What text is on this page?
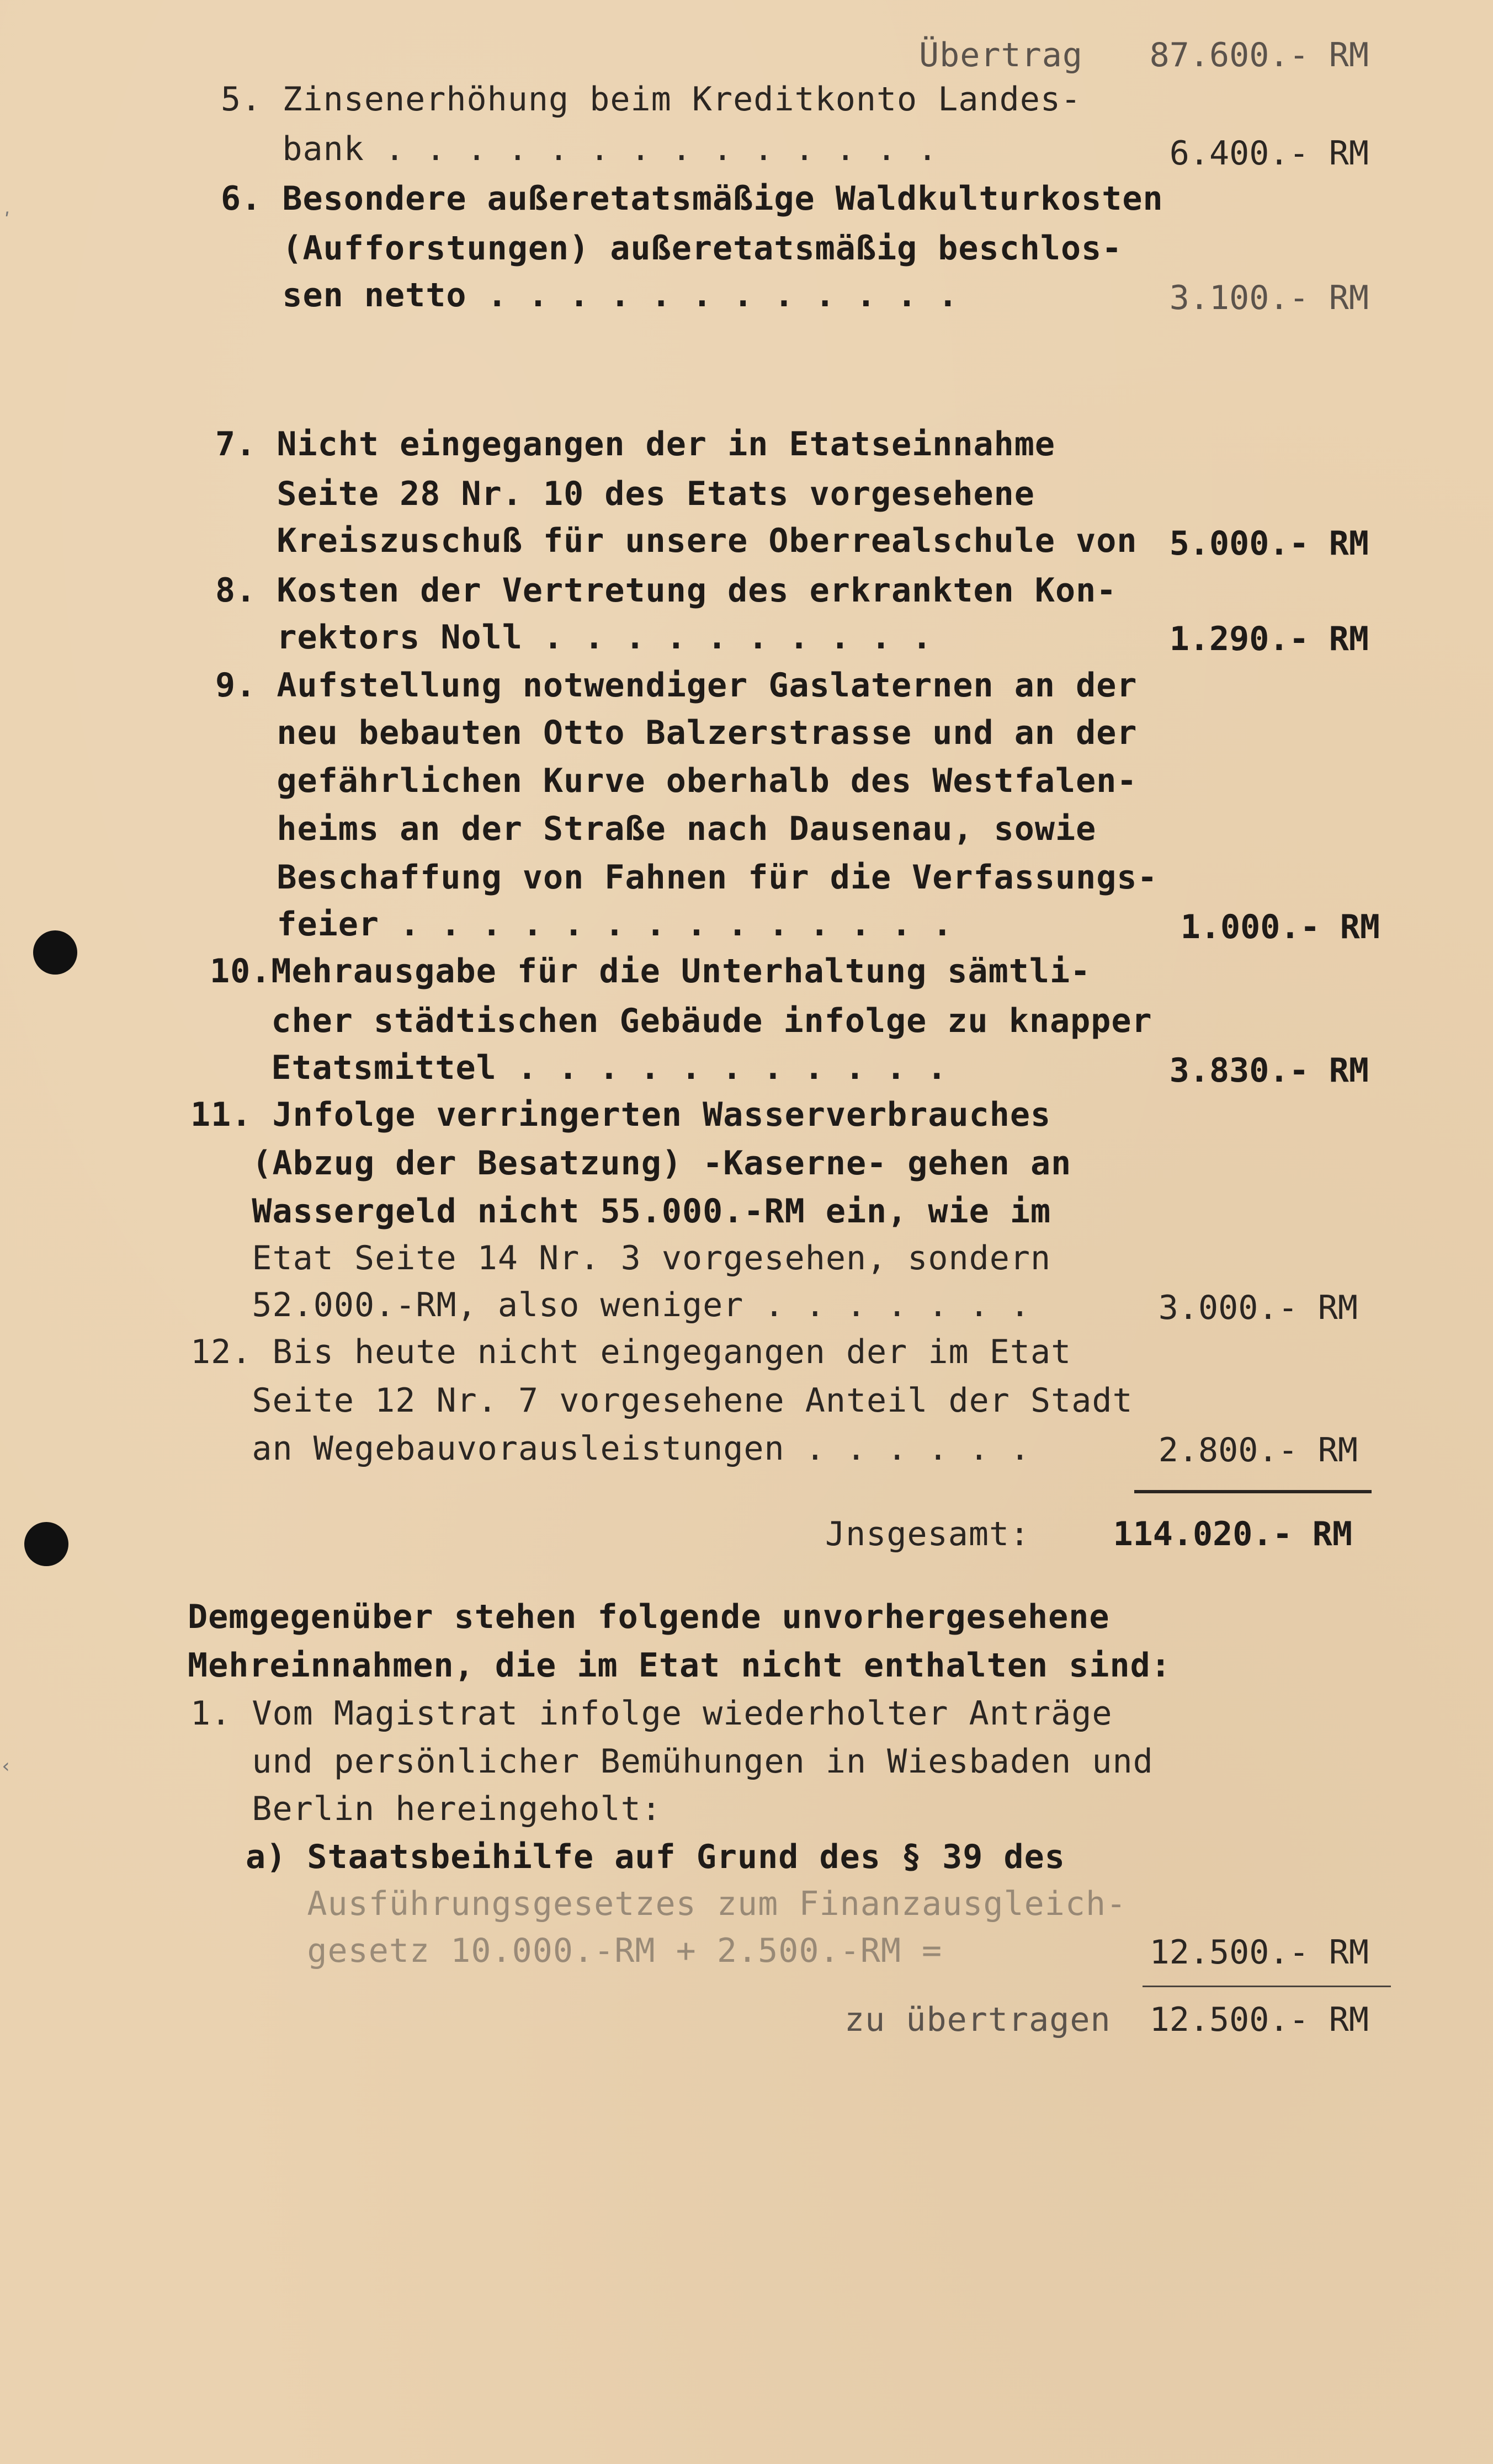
ʹ
‹
Übertrag	87.600.- RM
5. Zinsenerhöhung beim Kreditkonto Landes-
bank . . . . . . . . . . . . . .	6.400.- RM
6. Besondere außeretatsmäßige Waldkulturkosten
(Aufforstungen) außeretatsmäßig beschlos-
sen netto . . . . . . . . . . . .	3.100.- RM
7. Nicht eingegangen der in Etatseinnahme
Seite 28 Nr. 10 des Etats vorgesehene
Kreiszuschuß für unsere Oberrealschule von 5.000.- RM
8. Kosten der Vertretung des erkrankten Kon-
rektors Noll . . . . . . . . . .	1.290.- RM
9. Aufstellung notwendiger Gaslaternen an der
neu bebauten Otto Balzerstrasse und an der
gefährlichen Kurve oberhalb des Westfalen-
heims an der Straße nach Dausenau, sowie
Beschaffung von Fahnen für die Verfassungs-
feier . . . . . . . . . . . . . .	1.000.- RM
10.Mehrausgabe für die Unterhaltung sämtli-
cher städtischen Gebäude infolge zu knapper
Etatsmittel . . . . . . . . . . .	3.830.- RM
11. Jnfolge verringerten Wasserverbrauches
(Abzug der Besatzung) -Kaserne- gehen an
Wassergeld nicht 55.000.-RM ein, wie im
Etat Seite 14 Nr. 3 vorgesehen, sondern
52.000.-RM, also weniger . . . . . . .	3.000.- RM
12. Bis heute nicht eingegangen der im Etat
Seite 12 Nr. 7 vorgesehene Anteil der Stadt
an Wegebauvorausleistungen . . . . . .	2.800.- RM
Jnsgesamt:	114.020.- RM
Demgegenüber stehen folgende unvorhergesehene
Mehreinnahmen, die im Etat nicht enthalten sind:
1. Vom Magistrat infolge wiederholter Anträge
und persönlicher Bemühungen in Wiesbaden und
Berlin hereingeholt:
a) Staatsbeihilfe auf Grund des § 39 des
Ausführungsgesetzes zum Finanzausgleich-
gesetz 10.000.-RM + 2.500.-RM =	12.500.- RM
zu übertragen	12.500.- RM
